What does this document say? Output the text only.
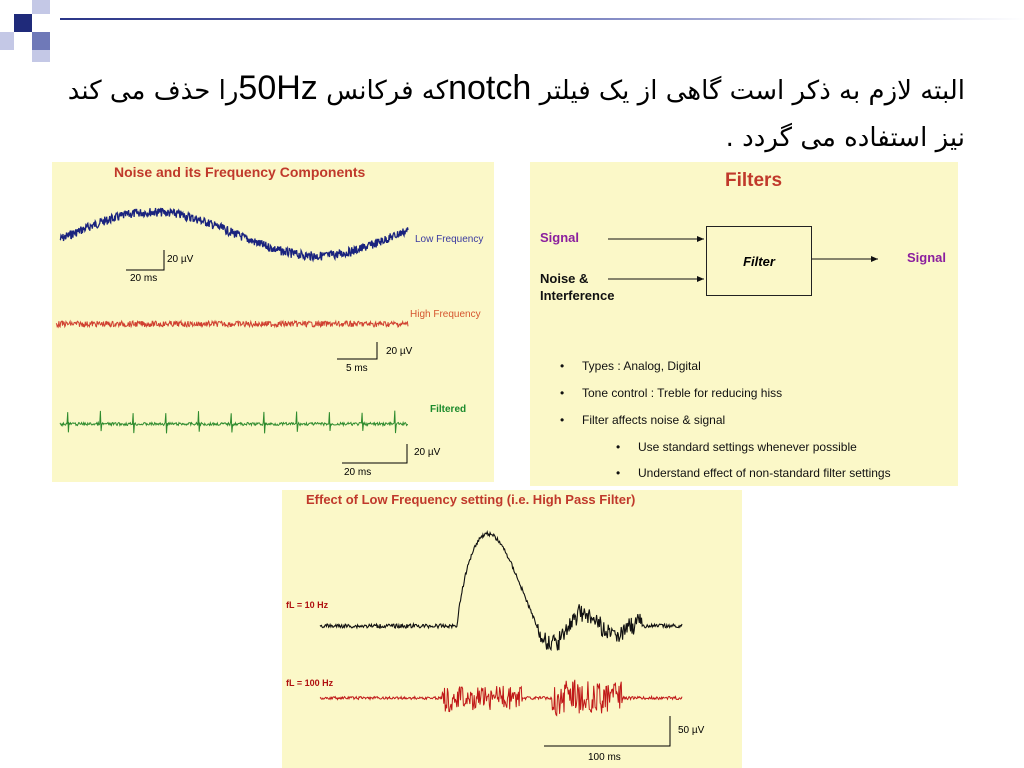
البته لازم به ذکر است گاهی از یک فیلتر notchکه فرکانس 50Hzرا حذف می کند
نیز استفاده می گردد .
Noise and its Frequency Components
20 µV
20 ms
Low Frequency
High Frequency
20 µV
5 ms
Filtered
20 µV
20 ms
Filters
Filter
Signal
Noise & Interference
Signal
• Types : Analog, Digital
• Tone control : Treble for reducing hiss
• Filter affects noise & signal
• Use standard settings whenever possible
• Understand effect of non-standard filter settings
Effect of Low Frequency setting (i.e. High Pass Filter)
fL = 10 Hz
fL = 100 Hz
50 µV
100 ms
